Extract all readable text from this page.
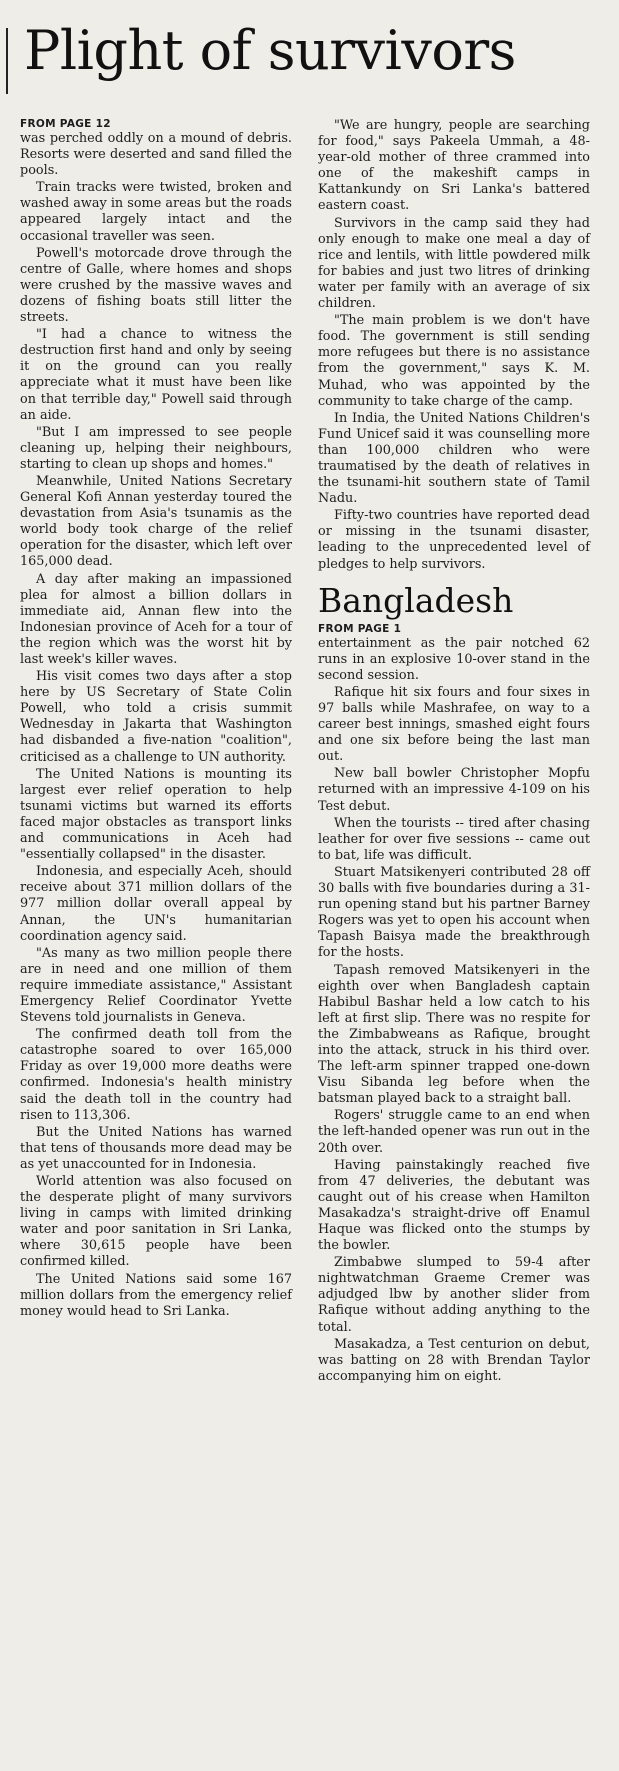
Plight of survivors
FROM PAGE 12

was perched oddly on a mound of debris. Resorts were deserted and sand filled the pools.

Train tracks were twisted, broken and washed away in some areas but the roads appeared largely intact and the occasional traveller was seen.

Powell's motorcade drove through the centre of Galle, where homes and shops were crushed by the massive waves and dozens of fishing boats still litter the streets.

"I had a chance to witness the destruction first hand and only by seeing it on the ground can you really appreciate what it must have been like on that terrible day," Powell said through an aide.

"But I am impressed to see people cleaning up, helping their neighbours, starting to clean up shops and homes."

Meanwhile, United Nations Secretary General Kofi Annan yesterday toured the devastation from Asia's tsunamis as the world body took charge of the relief operation for the disaster, which left over 165,000 dead.

A day after making an impassioned plea for almost a billion dollars in immediate aid, Annan flew into the Indonesian province of Aceh for a tour of the region which was the worst hit by last week's killer waves.

His visit comes two days after a stop here by US Secretary of State Colin Powell, who told a crisis summit Wednesday in Jakarta that Washington had disbanded a five-nation "coalition", criticised as a challenge to UN authority.

The United Nations is mounting its largest ever relief operation to help tsunami victims but warned its efforts faced major obstacles as transport links and communications in Aceh had "essentially collapsed" in the disaster.

Indonesia, and especially Aceh, should receive about 371 million dollars of the 977 million dollar overall appeal by Annan, the UN's humanitarian coordination agency said.

"As many as two million people there are in need and one million of them require immediate assistance," Assistant Emergency Relief Coordinator Yvette Stevens told journalists in Geneva.

The confirmed death toll from the catastrophe soared to over 165,000 Friday as over 19,000 more deaths were confirmed. Indonesia's health ministry said the death toll in the country had risen to 113,306.

But the United Nations has warned that tens of thousands more dead may be as yet unaccounted for in Indonesia.

World attention was also focused on the desperate plight of many survivors living in camps with limited drinking water and poor sanitation in Sri Lanka, where 30,615 people have been confirmed killed.

The United Nations said some 167 million dollars from the emergency relief money would head to Sri Lanka.

"We are hungry, people are searching for food," says Pakeela Ummah, a 48-year-old mother of three crammed into one of the makeshift camps in Kattankundy on Sri Lanka's battered eastern coast.

Survivors in the camp said they had only enough to make one meal a day of rice and lentils, with little powdered milk for babies and just two litres of drinking water per family with an average of six children.

"The main problem is we don't have food. The government is still sending more refugees but there is no assistance from the government," says K. M. Muhad, who was appointed by the community to take charge of the camp.

In India, the United Nations Children's Fund Unicef said it was counselling more than 100,000 children who were traumatised by the death of relatives in the tsunami-hit southern state of Tamil Nadu.

Fifty-two countries have reported dead or missing in the tsunami disaster, leading to the unprecedented level of pledges to help survivors.

Bangladesh
FROM PAGE 1

entertainment as the pair notched 62 runs in an explosive 10-over stand in the second session.

Rafique hit six fours and four sixes in 97 balls while Mashrafee, on way to a career best innings, smashed eight fours and one six before being the last man out.

New ball bowler Christopher Mopfu returned with an impressive 4-109 on his Test debut.

When the tourists -- tired after chasing leather for over five sessions -- came out to bat, life was difficult.

Stuart Matsikenyeri contributed 28 off 30 balls with five boundaries during a 31-run opening stand but his partner Barney Rogers was yet to open his account when Tapash Baisya made the breakthrough for the hosts.

Tapash removed Matsikenyeri in the eighth over when Bangladesh captain Habibul Bashar held a low catch to his left at first slip. There was no respite for the Zimbabweans as Rafique, brought into the attack, struck in his third over. The left-arm spinner trapped one-down Visu Sibanda leg before when the batsman played back to a straight ball.

Rogers' struggle came to an end when the left-handed opener was run out in the 20th over.

Having painstakingly reached five from 47 deliveries, the debutant was caught out of his crease when Hamilton Masakadza's straight-drive off Enamul Haque was flicked onto the stumps by the bowler.

Zimbabwe slumped to 59-4 after nightwatchman Graeme Cremer was adjudged lbw by another slider from Rafique without adding anything to the total.

Masakadza, a Test centurion on debut, was batting on 28 with Brendan Taylor accompanying him on eight.
